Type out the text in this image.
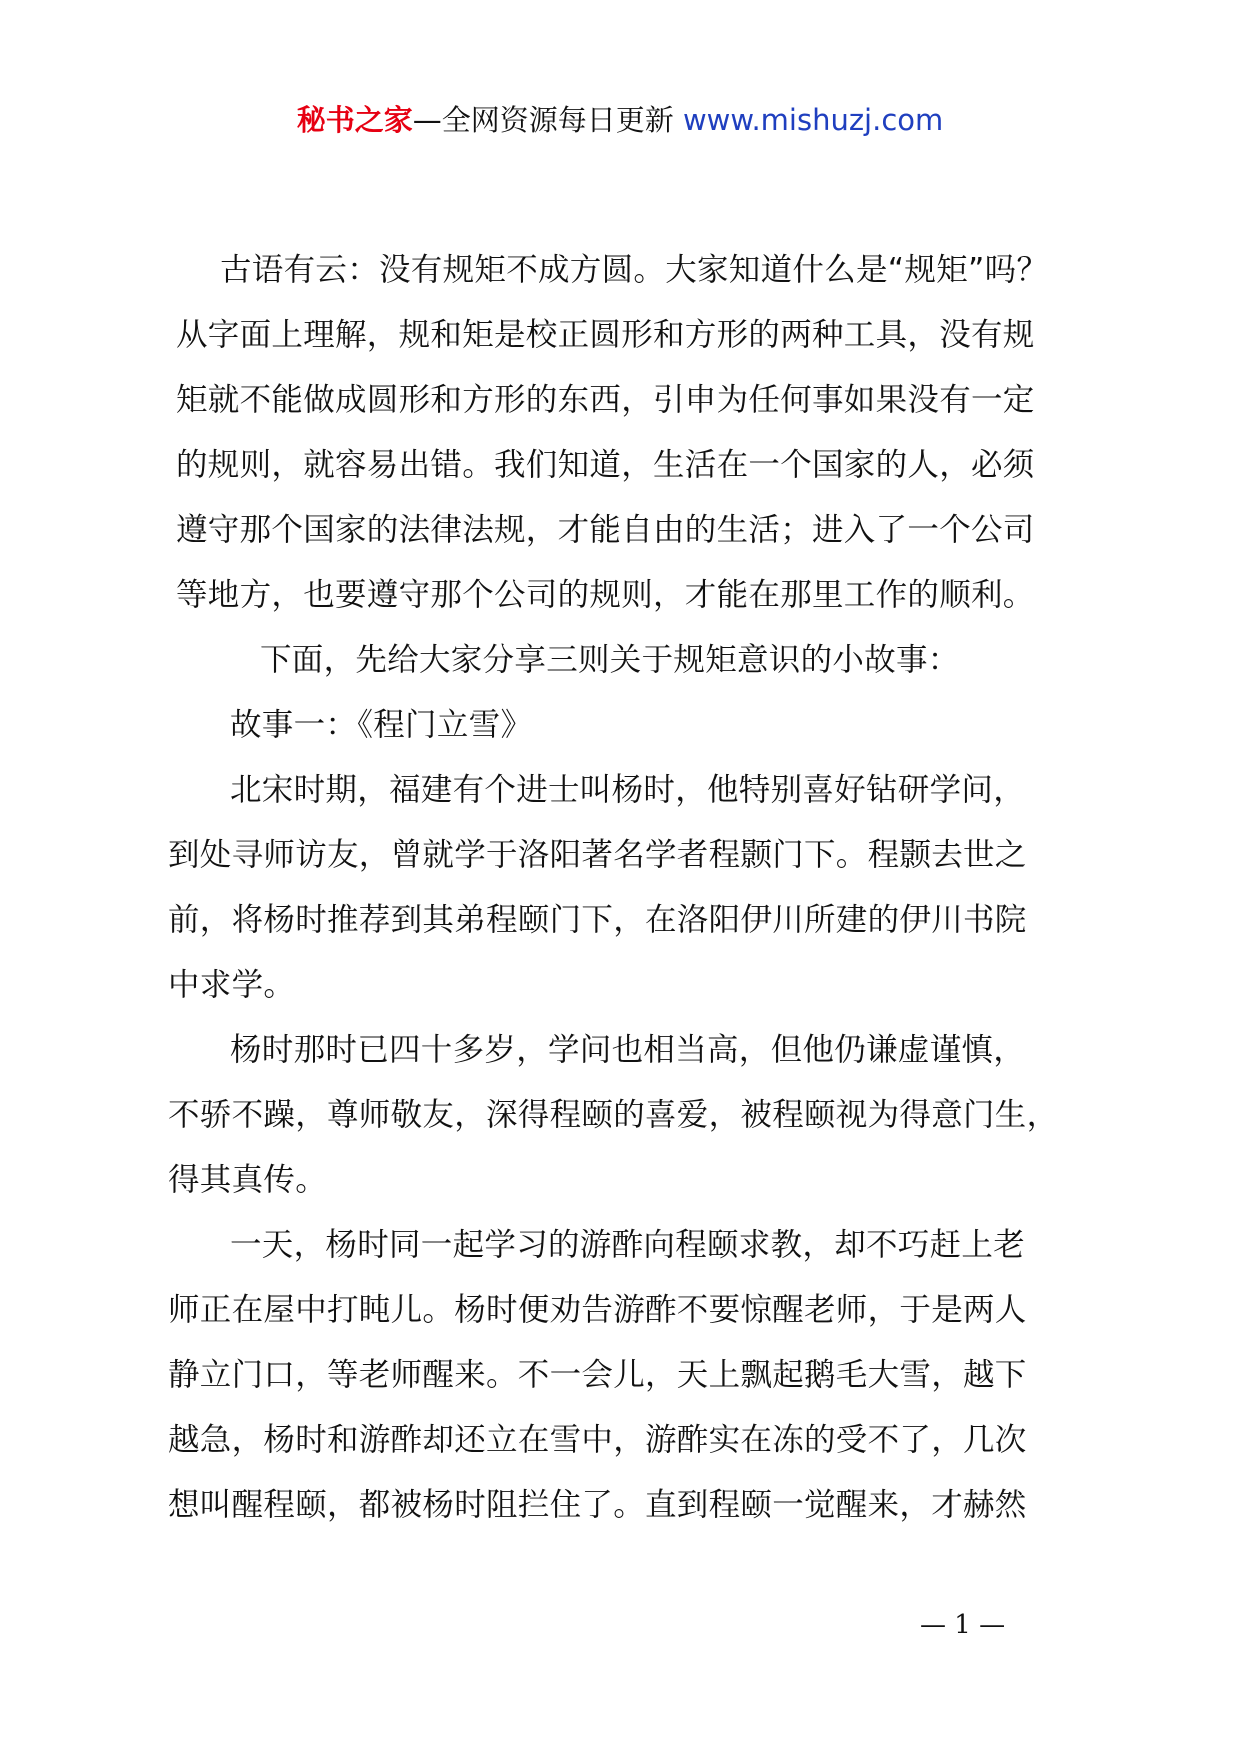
秘书之家—全网资源每日更新 www.mishuzj.com
古语有云：没有规矩不成方圆。大家知道什么是“规矩”吗？
从字面上理解，规和矩是校正圆形和方形的两种工具，没有规
矩就不能做成圆形和方形的东西，引申为任何事如果没有一定
的规则，就容易出错。我们知道，生活在一个国家的人，必须
遵守那个国家的法律法规，才能自由的生活；进入了一个公司
等地方，也要遵守那个公司的规则，才能在那里工作的顺利。
下面，先给大家分享三则关于规矩意识的小故事：
故事一：《程门立雪》
北宋时期，福建有个进士叫杨时，他特别喜好钻研学问，
到处寻师访友，曾就学于洛阳著名学者程颢门下。程颢去世之
前，将杨时推荐到其弟程颐门下，在洛阳伊川所建的伊川书院
中求学。
杨时那时已四十多岁，学问也相当高，但他仍谦虚谨慎，
不骄不躁，尊师敬友，深得程颐的喜爱，被程颐视为得意门生，
得其真传。
一天，杨时同一起学习的游酢向程颐求教，却不巧赶上老
师正在屋中打盹儿。杨时便劝告游酢不要惊醒老师，于是两人
静立门口，等老师醒来。不一会儿，天上飘起鹅毛大雪，越下
越急，杨时和游酢却还立在雪中，游酢实在冻的受不了，几次
想叫醒程颐，都被杨时阻拦住了。直到程颐一觉醒来，才赫然
— 1 —
